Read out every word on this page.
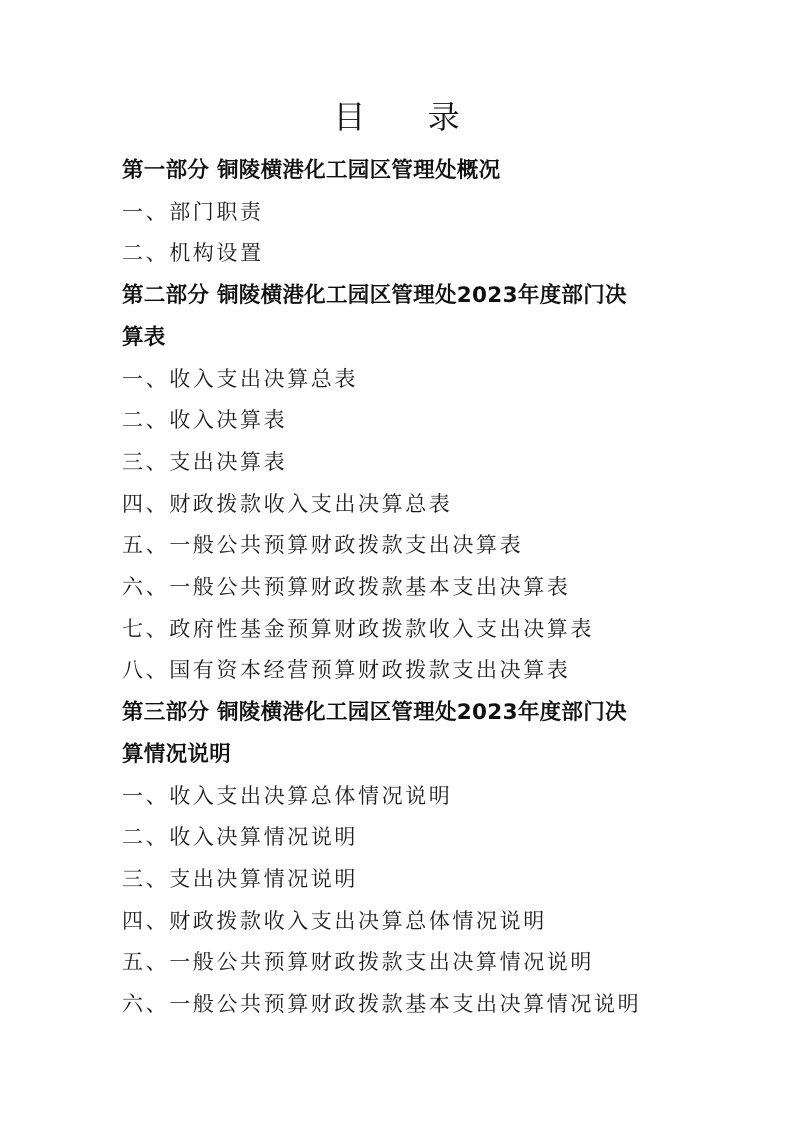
目 录
第一部分 铜陵横港化工园区管理处概况
一、部门职责
二、机构设置
第二部分 铜陵横港化工园区管理处2023年度部门决
算表
一、收入支出决算总表
二、收入决算表
三、支出决算表
四、财政拨款收入支出决算总表
五、一般公共预算财政拨款支出决算表
六、一般公共预算财政拨款基本支出决算表
七、政府性基金预算财政拨款收入支出决算表
八、国有资本经营预算财政拨款支出决算表
第三部分 铜陵横港化工园区管理处2023年度部门决
算情况说明
一、收入支出决算总体情况说明
二、收入决算情况说明
三、支出决算情况说明
四、财政拨款收入支出决算总体情况说明
五、一般公共预算财政拨款支出决算情况说明
六、一般公共预算财政拨款基本支出决算情况说明
